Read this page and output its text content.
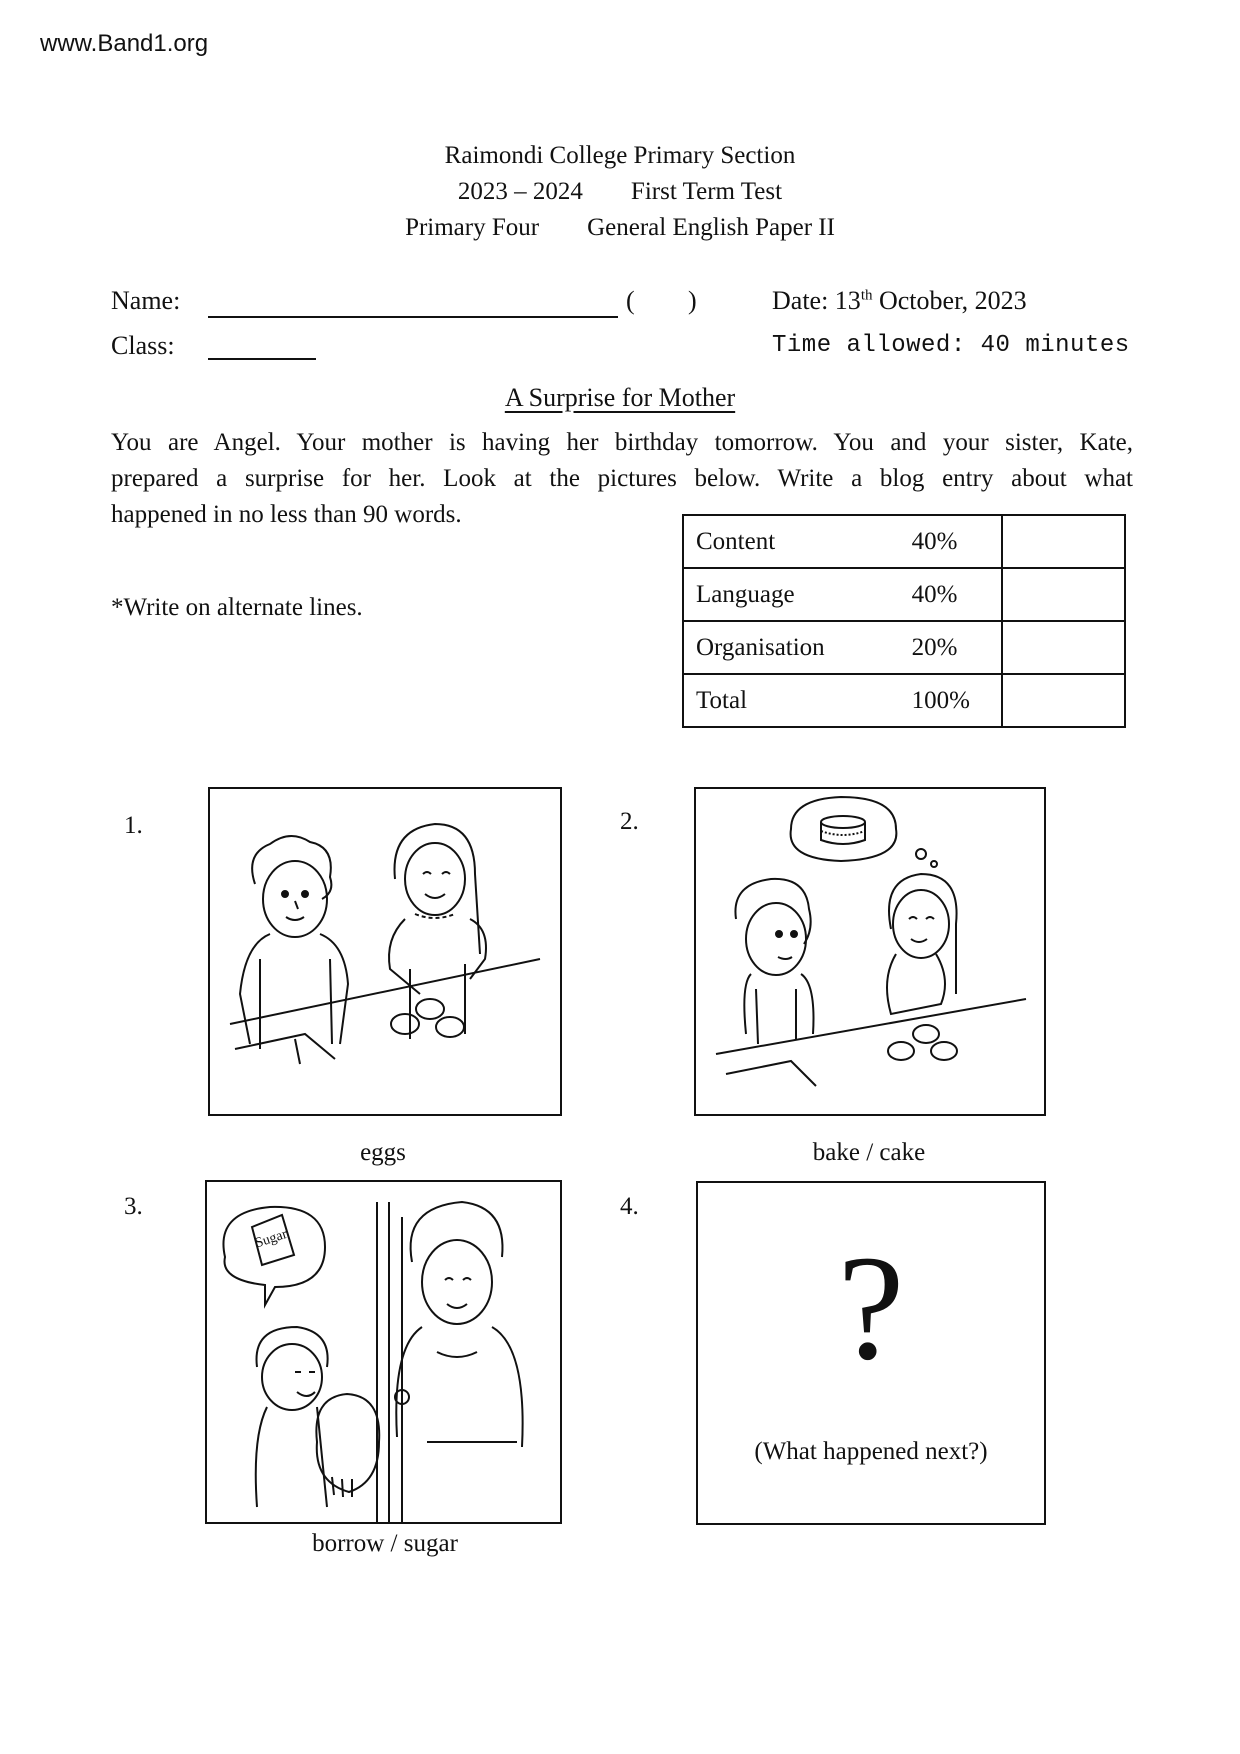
www.Band1.org
Raimondi College Primary Section
2023 – 2024 First Term Test
Primary Four General English Paper II
Name:	( )	Date: 13th October, 2023
Class:	Time allowed: 40 minutes
A Surprise for Mother
You are Angel. Your mother is having her birthday tomorrow. You and your sister, Kate,
prepared a surprise for her. Look at the pictures below. Write a blog entry about what
happened in no less than 90 words.
*Write on alternate lines.
Content	40%	
Language	40%	
Organisation	20%	
Total	100%	
1.
eggs
2.
bake / cake
3.
Sugar
borrow / sugar
4.
?
(What happened next?)
